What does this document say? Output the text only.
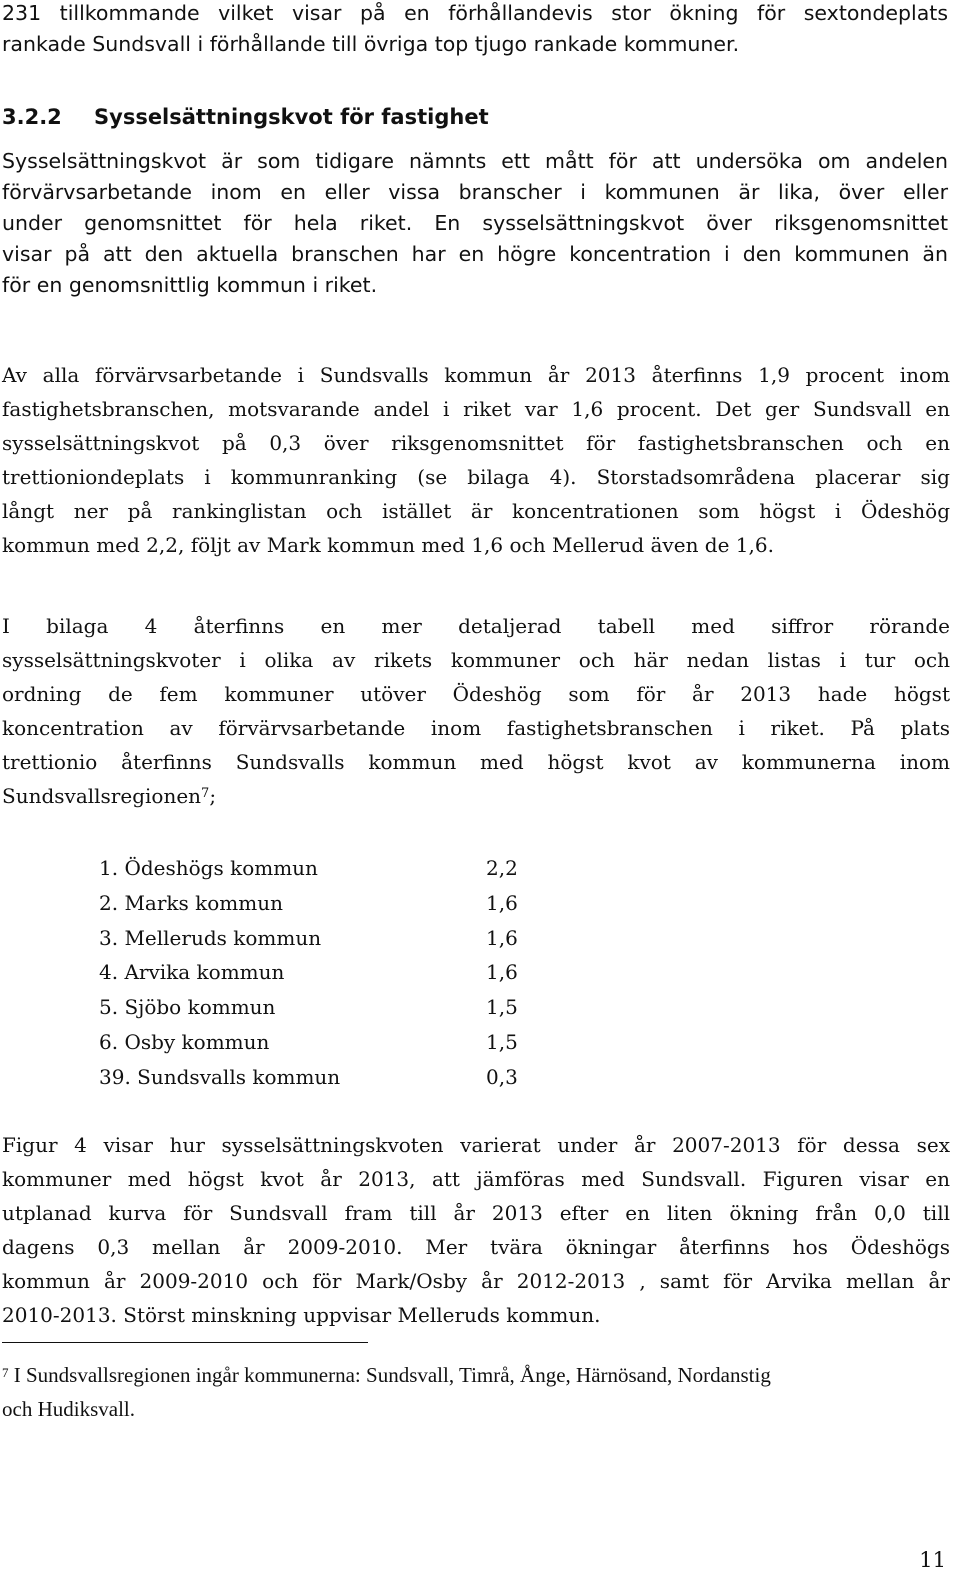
231 tillkommande vilket visar på en förhållandevis stor ökning för sextondeplats
rankade Sundsvall i förhållande till övriga top tjugo rankade kommuner.
3.2.2 Sysselsättningskvot för fastighet
Sysselsättningskvot är som tidigare nämnts ett mått för att undersöka om andelen
förvärvsarbetande inom en eller vissa branscher i kommunen är lika, över eller
under genomsnittet för hela riket. En sysselsättningskvot över riksgenomsnittet
visar på att den aktuella branschen har en högre koncentration i den kommunen än
för en genomsnittlig kommun i riket.
Av alla förvärvsarbetande i Sundsvalls kommun år 2013 återfinns 1,9 procent inom
fastighetsbranschen, motsvarande andel i riket var 1,6 procent. Det ger Sundsvall en
sysselsättningskvot på 0,3 över riksgenomsnittet för fastighetsbranschen och en
trettioniondeplats i kommunranking (se bilaga 4). Storstadsområdena placerar sig
långt ner på rankinglistan och istället är koncentrationen som högst i Ödeshög
kommun med 2,2, följt av Mark kommun med 1,6 och Mellerud även de 1,6.
I bilaga 4 återfinns en mer detaljerad tabell med siffror rörande
sysselsättningskvoter i olika av rikets kommuner och här nedan listas i tur och
ordning de fem kommuner utöver Ödeshög som för år 2013 hade högst
koncentration av förvärvsarbetande inom fastighetsbranschen i riket. På plats
trettionio återfinns Sundsvalls kommun med högst kvot av kommunerna inom
Sundsvallsregionen$^7$;
1. Ödeshögs kommun	2,2
2. Marks kommun	1,6
3. Melleruds kommun	1,6
4. Arvika kommun	1,6
5. Sjöbo kommun	1,5
6. Osby kommun	1,5
39. Sundsvalls kommun	0,3
Figur 4 visar hur sysselsättningskvoten varierat under år 2007-2013 för dessa sex
kommuner med högst kvot år 2013, att jämföras med Sundsvall. Figuren visar en
utplanad kurva för Sundsvall fram till år 2013 efter en liten ökning från 0,0 till
dagens 0,3 mellan år 2009-2010. Mer tvära ökningar återfinns hos Ödeshögs
kommun år 2009-2010 och för Mark/Osby år 2012-2013 , samt för Arvika mellan år
2010-2013. Störst minskning uppvisar Melleruds kommun.
$^7$ I Sundsvallsregionen ingår kommunerna: Sundsvall, Timrå, Ånge, Härnösand, Nordanstig
och Hudiksvall.
11
